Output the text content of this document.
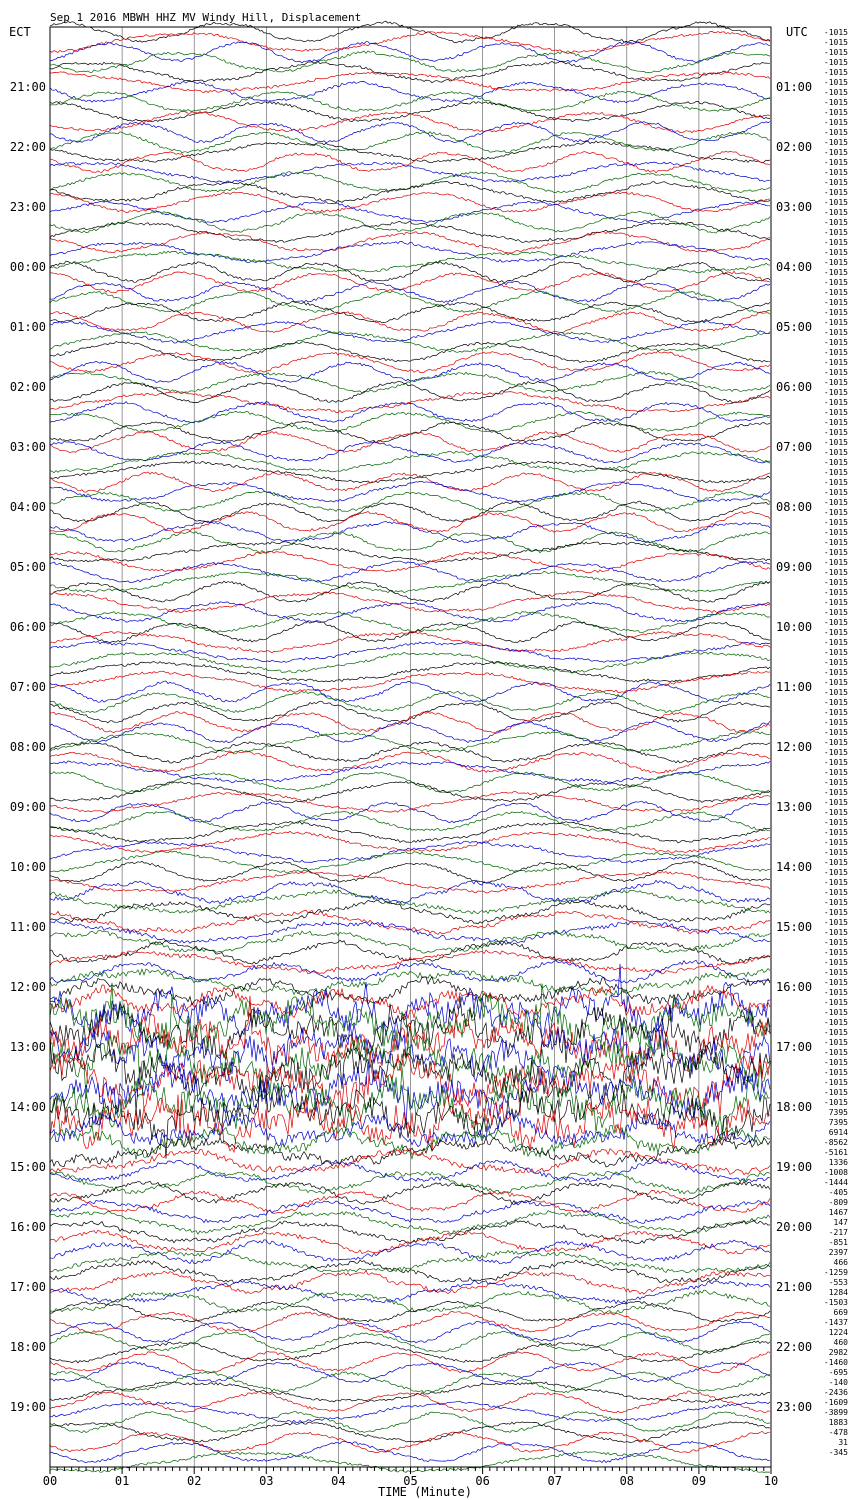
Sep 1 2016 MBWH HHZ MV Windy Hill, Displacement
ECT	UTC
00	01	02	03	04	05	06	07	08	09	10
21:00
22:00
23:00
00:00
01:00
02:00
03:00
04:00
05:00
06:00
07:00
08:00
09:00
10:00
11:00
12:00
13:00
14:00
15:00
16:00
17:00
18:00
19:00
01:00
02:00
03:00
04:00
05:00
06:00
07:00
08:00
09:00
10:00
11:00
12:00
13:00
14:00
15:00
16:00
17:00
18:00
19:00
20:00
21:00
22:00
23:00
-1015
-1015
-1015
-1015
-1015
-1015
-1015
-1015
-1015
-1015
-1015
-1015
-1015
-1015
-1015
-1015
-1015
-1015
-1015
-1015
-1015
-1015
-1015
-1015
-1015
-1015
-1015
-1015
-1015
-1015
-1015
-1015
-1015
-1015
-1015
-1015
-1015
-1015
-1015
-1015
-1015
-1015
-1015
-1015
-1015
-1015
-1015
-1015
-1015
-1015
-1015
-1015
-1015
-1015
-1015
-1015
-1015
-1015
-1015
-1015
-1015
-1015
-1015
-1015
-1015
-1015
-1015
-1015
-1015
-1015
-1015
-1015
-1015
-1015
-1015
-1015
-1015
-1015
-1015
-1015
-1015
-1015
-1015
-1015
-1015
-1015
-1015
-1015
-1015
-1015
-1015
-1015
-1015
-1015
-1015
-1015
-1015
-1015
-1015
-1015
-1015
-1015
-1015
-1015
-1015
-1015
-1015
-1015
7395
7395
6914
-8562
-5161
1336
-1008
-1444
-405
-809
1467
147
-217
-851
2397
466
-1259
-553
1284
-1503
669
-1437
1224
460
2982
-1460
-695
-140
-2436
-1609
-3899
1883
-478
31
-345
TIME (Minute)
